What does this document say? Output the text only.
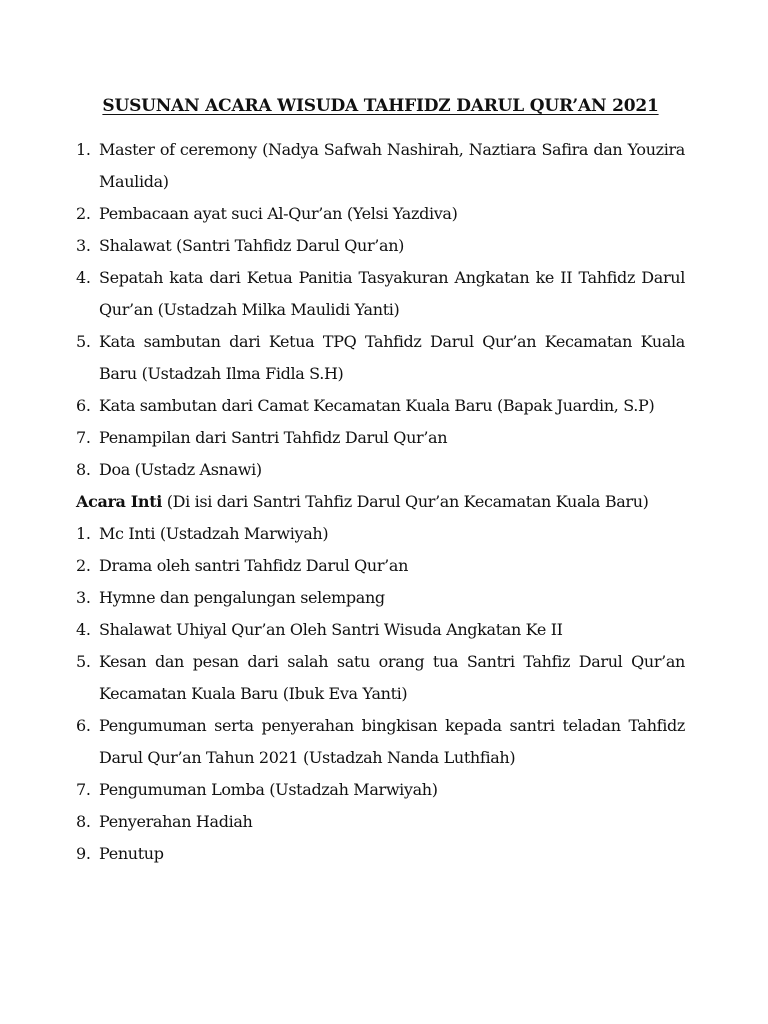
SUSUNAN ACARA WISUDA TAHFIDZ DARUL QUR’AN 2021
1. Master of ceremony (Nadya Safwah Nashirah, Naztiara Safira dan Youzira Maulida)
2. Pembacaan ayat suci Al-Qur’an (Yelsi Yazdiva)
3. Shalawat (Santri Tahfidz Darul Qur’an)
4. Sepatah kata dari Ketua Panitia Tasyakuran Angkatan ke II Tahfidz Darul Qur’an (Ustadzah Milka Maulidi Yanti)
5. Kata sambutan dari Ketua TPQ Tahfidz Darul Qur’an Kecamatan Kuala Baru (Ustadzah Ilma Fidla S.H)
6. Kata sambutan dari Camat Kecamatan Kuala Baru (Bapak Juardin, S.P)
7. Penampilan dari Santri Tahfidz Darul Qur’an
8. Doa (Ustadz Asnawi)

Acara Inti (Di isi dari Santri Tahfiz Darul Qur’an Kecamatan Kuala Baru)

1. Mc Inti (Ustadzah Marwiyah)
2. Drama oleh santri Tahfidz Darul Qur’an
3. Hymne dan pengalungan selempang
4. Shalawat Uhiyal Qur’an Oleh Santri Wisuda Angkatan Ke II
5. Kesan dan pesan dari salah satu orang tua Santri Tahfiz Darul Qur’an Kecamatan Kuala Baru (Ibuk Eva Yanti)
6. Pengumuman serta penyerahan bingkisan kepada santri teladan Tahfidz Darul Qur’an Tahun 2021 (Ustadzah Nanda Luthfiah)
7. Pengumuman Lomba (Ustadzah Marwiyah)
8. Penyerahan Hadiah
9. Penutup
